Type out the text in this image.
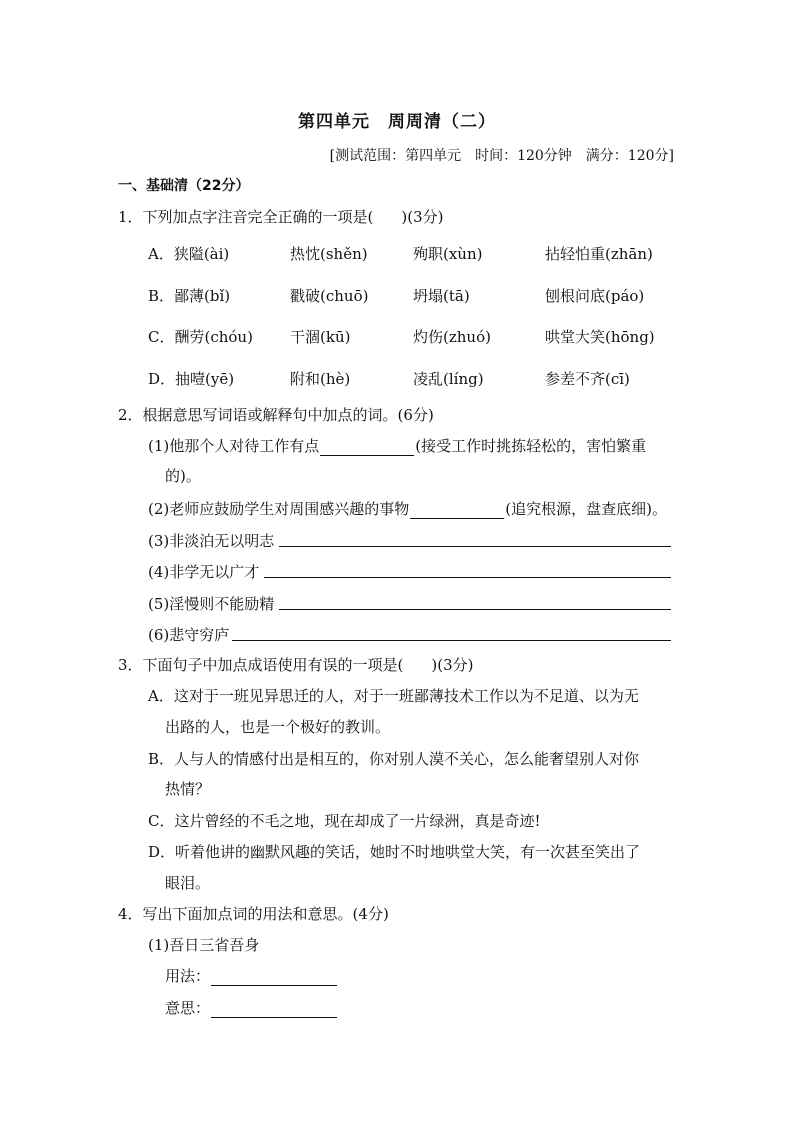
第四单元　周周清（二）
[测试范围：第四单元　时间：120分钟　满分：120分]
一、基础清（22分）
1．下列加点字注音完全正确的一项是( )(3分)
A．狭隘(ài)	热忱(shěn)	殉职(xùn)	拈轻怕重(zhān)
B．鄙薄(bǐ)	戳破(chuō)	坍塌(tā)	刨根问底(páo)
C．酬劳(chóu) 干涸(kū)	灼伤(zhuó)	哄堂大笑(hōng)
D．抽噎(yē)	附和(hè)	凌乱(líng)	参差不齐(cī)
2．根据意思写词语或解释句中加点的词。(6分)
(1)他那个人对待工作有点	(接受工作时挑拣轻松的，害怕繁重
的)。
(2)老师应鼓励学生对周围感兴趣的事物	(追究根源，盘查底细)。
(3)非淡泊无以明志
(4)非学无以广才
(5)淫慢则不能励精
(6)悲守穷庐
3．下面句子中加点成语使用有误的一项是( )(3分)
A．这对于一班见异思迁的人，对于一班鄙薄技术工作以为不足道、以为无
出路的人，也是一个极好的教训。
B．人与人的情感付出是相互的，你对别人漠不关心，怎么能奢望别人对你
热情？
C．这片曾经的不毛之地，现在却成了一片绿洲，真是奇迹!
D．听着他讲的幽默风趣的笑话，她时不时地哄堂大笑，有一次甚至笑出了
眼泪。
4．写出下面加点词的用法和意思。(4分)
(1)吾日三省吾身
用法：
意思：
